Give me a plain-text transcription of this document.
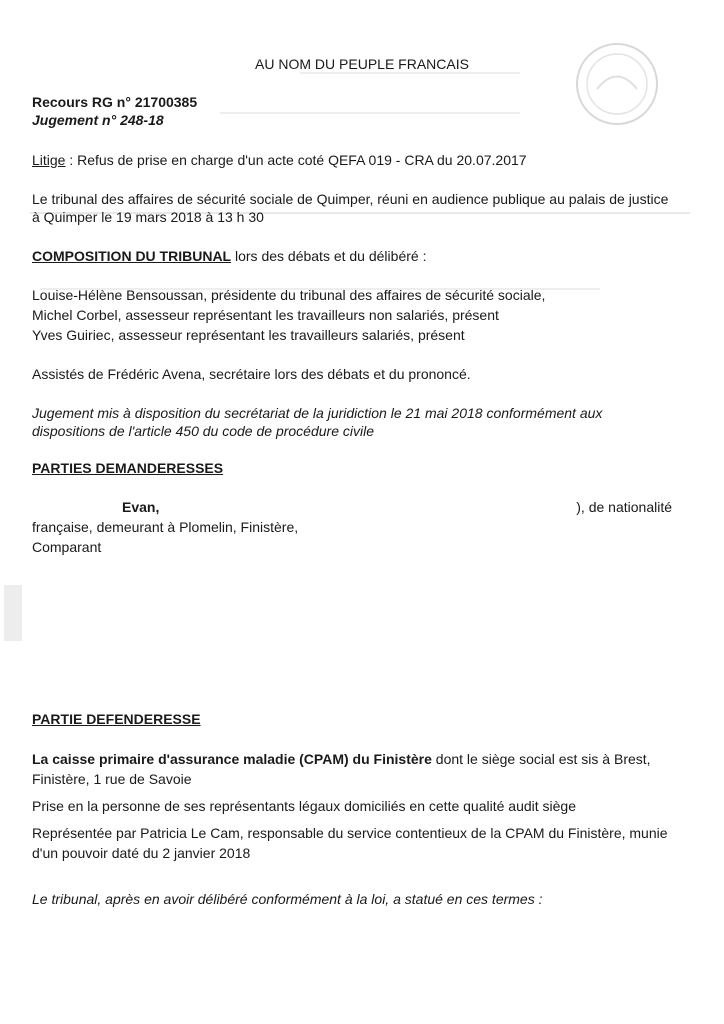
AU NOM DU PEUPLE FRANCAIS
Recours RG n° 21700385
Jugement n° 248-18
Litige : Refus de prise en charge d'un acte coté QEFA 019 - CRA du 20.07.2017
Le tribunal des affaires de sécurité sociale de Quimper, réuni en audience publique au palais de justice
à Quimper le 19 mars 2018 à 13 h 30
COMPOSITION DU TRIBUNAL lors des débats et du délibéré :
Louise-Hélène Bensoussan, présidente du tribunal des affaires de sécurité sociale,
Michel Corbel, assesseur représentant les travailleurs non salariés, présent
Yves Guiriec, assesseur représentant les travailleurs salariés, présent
Assistés de Frédéric Avena, secrétaire lors des débats et du prononcé.
Jugement mis à disposition du secrétariat de la juridiction le 21 mai 2018 conformément aux
dispositions de l'article 450 du code de procédure civile
PARTIES DEMANDERESSES
Evan,	), de nationalité
française, demeurant à Plomelin, Finistère,
Comparant
PARTIE DEFENDERESSE
La caisse primaire d'assurance maladie (CPAM) du Finistère dont le siège social est sis à Brest,
Finistère, 1 rue de Savoie
Prise en la personne de ses représentants légaux domiciliés en cette qualité audit siège
Représentée par Patricia Le Cam, responsable du service contentieux de la CPAM du Finistère, munie
d'un pouvoir daté du 2 janvier 2018
Le tribunal, après en avoir délibéré conformément à la loi, a statué en ces termes :
